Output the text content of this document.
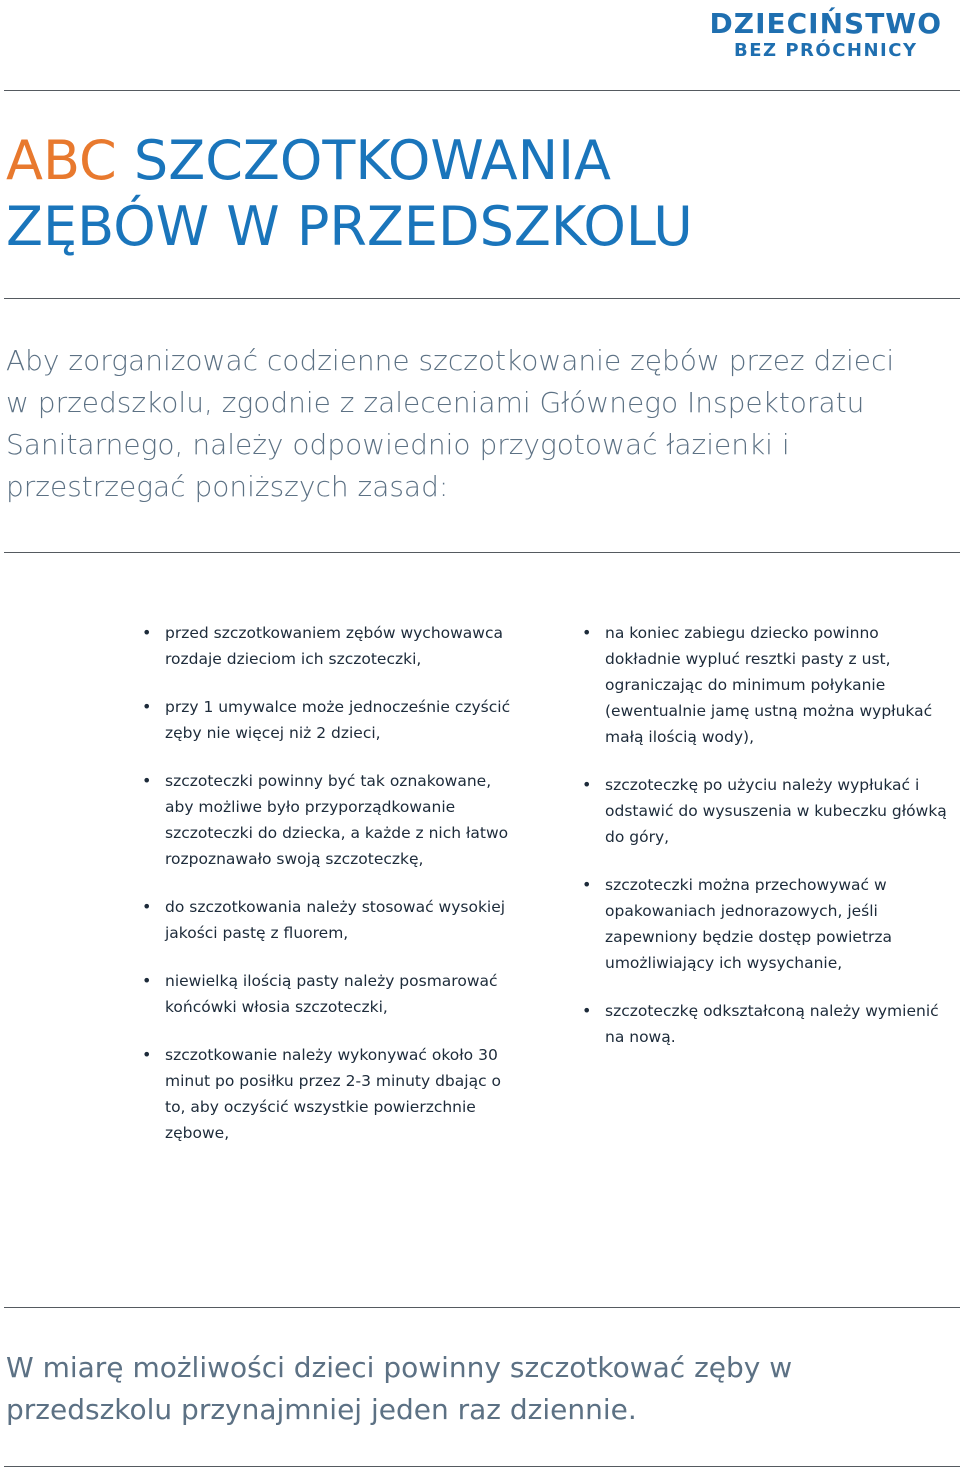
DZIECIŃSTWO
BEZ PRÓCHNICY
ABC SZCZOTKOWANIA
ZĘBÓW W PRZEDSZKOLU

Aby zorganizować codzienne szczotkowanie zębów przez dzieci w przedszkolu, zgodnie z zaleceniami Głównego Inspektoratu Sanitarnego, należy odpowiednio przygotować łazienki i przestrzegać poniższych zasad:

• przed szczotkowaniem zębów wychowawca rozdaje dzieciom ich szczoteczki,
• przy 1 umywalce może jednocześnie czyścić zęby nie więcej niż 2 dzieci,
• szczoteczki powinny być tak oznakowane, aby możliwe było przyporządkowanie szczoteczki do dziecka, a każde z nich łatwo rozpoznawało swoją szczoteczkę,
• do szczotkowania należy stosować wysokiej jakości pastę z fluorem,
• niewielką ilością pasty należy posmarować końcówki włosia szczoteczki,
• szczotkowanie należy wykonywać około 30 minut po posiłku przez 2-3 minuty dbając o to, aby oczyścić wszystkie powierzchnie zębowe,
• na koniec zabiegu dziecko powinno dokładnie wypluć resztki pasty z ust, ograniczając do minimum połykanie (ewentualnie jamę ustną można wypłukać małą ilością wody),
• szczoteczkę po użyciu należy wypłukać i odstawić do wysuszenia w kubeczku główką do góry,
• szczoteczki można przechowywać w opakowaniach jednorazowych, jeśli zapewniony będzie dostęp powietrza umożliwiający ich wysychanie,
• szczoteczkę odkształconą należy wymienić na nową.

W miarę możliwości dzieci powinny szczotkować zęby w przedszkolu przynajmniej jeden raz dziennie.
